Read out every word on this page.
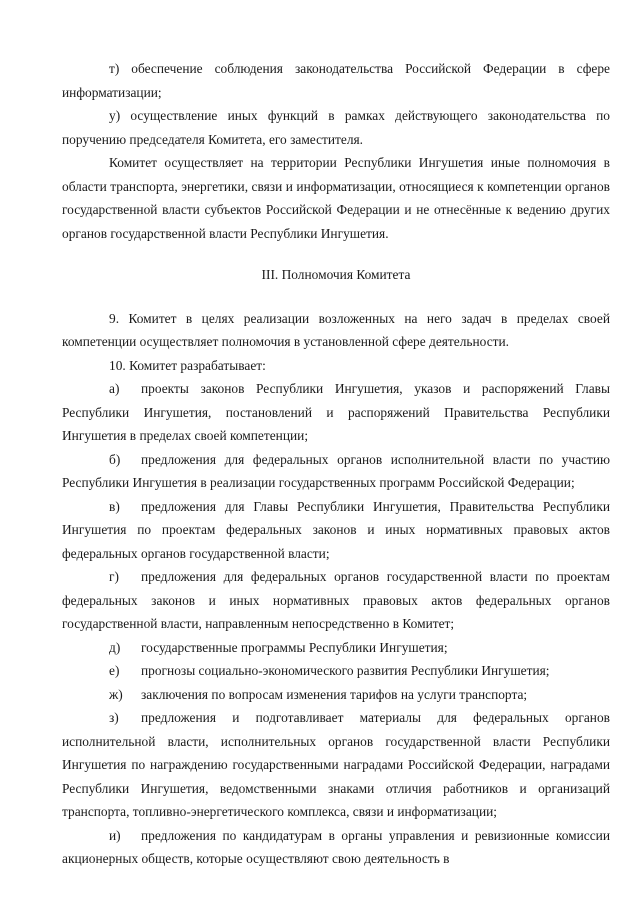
т) обеспечение соблюдения законодательства Российской Федерации в сфере информатизации;

у) осуществление иных функций в рамках действующего законодательства по поручению председателя Комитета, его заместителя.

Комитет осуществляет на территории Республики Ингушетия иные полномочия в области транспорта, энергетики, связи и информатизации, относящиеся к компетенции органов государственной власти субъектов Российской Федерации и не отнесённые к ведению других органов государственной власти Республики Ингушетия.

III. Полномочия Комитета

9. Комитет в целях реализации возложенных на него задач в пределах своей компетенции осуществляет полномочия в установленной сфере деятельности.

10. Комитет разрабатывает:

а) проекты законов Республики Ингушетия, указов и распоряжений Главы Республики Ингушетия, постановлений и распоряжений Правительства Республики Ингушетия в пределах своей компетенции;

б) предложения для федеральных органов исполнительной власти по участию Республики Ингушетия в реализации государственных программ Российской Федерации;

в) предложения для Главы Республики Ингушетия, Правительства Республики Ингушетия по проектам федеральных законов и иных нормативных правовых актов федеральных органов государственной власти;

г) предложения для федеральных органов государственной власти по проектам федеральных законов и иных нормативных правовых актов федеральных органов государственной власти, направленным непосредственно в Комитет;

д) государственные программы Республики Ингушетия;

е) прогнозы социально-экономического развития Республики Ингушетия;

ж) заключения по вопросам изменения тарифов на услуги транспорта;

з) предложения и подготавливает материалы для федеральных органов исполнительной власти, исполнительных органов государственной власти Республики Ингушетия по награждению государственными наградами Российской Федерации, наградами Республики Ингушетия, ведомственными знаками отличия работников и организаций транспорта, топливно-энергетического комплекса, связи и информатизации;

и) предложения по кандидатурам в органы управления и ревизионные комиссии акционерных обществ, которые осуществляют свою деятельность в
